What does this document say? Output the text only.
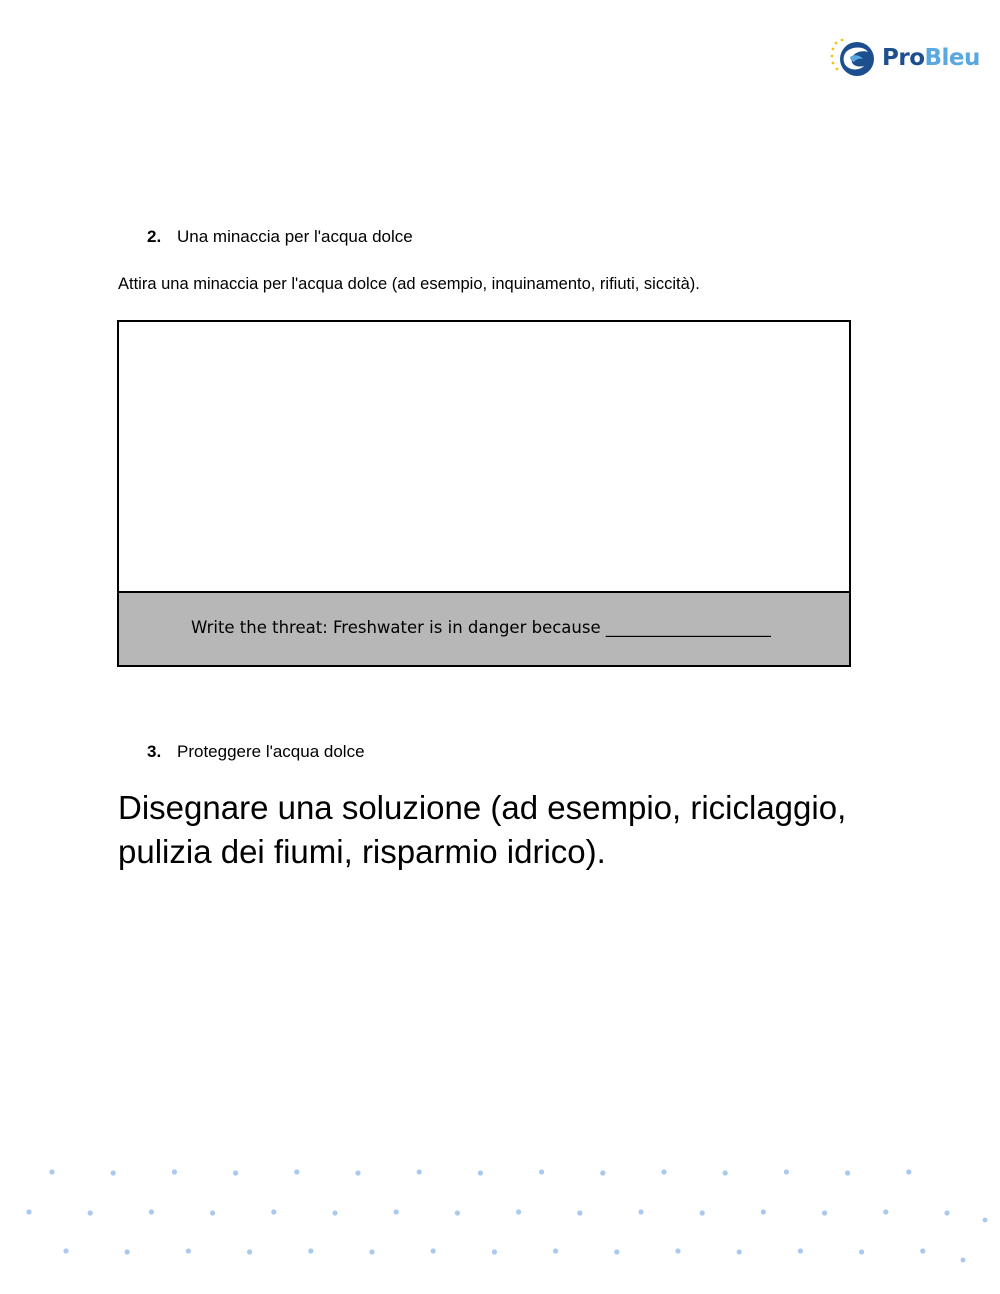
ProBleu
2. Una minaccia per l'acqua dolce
Attira una minaccia per l'acqua dolce (ad esempio, inquinamento, rifiuti, siccità).
Write the threat: Freshwater is in danger because ____________________
3. Proteggere l'acqua dolce
Disegnare una soluzione (ad esempio, riciclaggio, pulizia dei fiumi, risparmio idrico).
